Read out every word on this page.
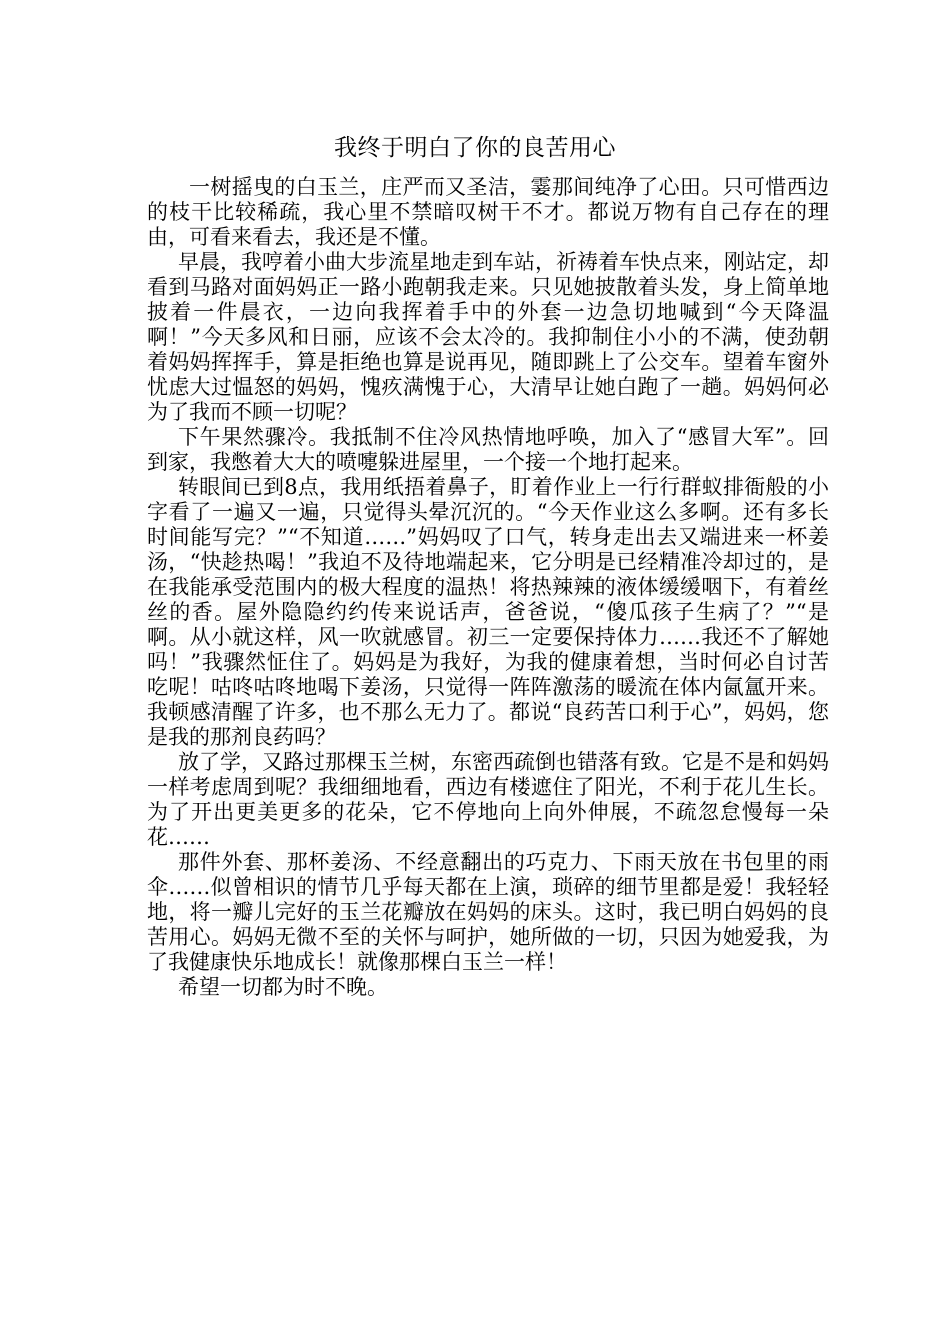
我终于明白了你的良苦用心

一树摇曳的白玉兰，庄严而又圣洁，霎那间纯净了心田。只可惜西边的枝干比较稀疏，我心里不禁暗叹树干不才。都说万物有自己存在的理由，可看来看去，我还是不懂。

早晨，我哼着小曲大步流星地走到车站，祈祷着车快点来，刚站定，却看到马路对面妈妈正一路小跑朝我走来。只见她披散着头发，身上简单地披着一件晨衣，一边向我挥着手中的外套一边急切地喊到“今天降温啊！”今天多风和日丽，应该不会太冷的。我抑制住小小的不满，使劲朝着妈妈挥挥手，算是拒绝也算是说再见，随即跳上了公交车。望着车窗外忧虑大过愠怒的妈妈，愧疚满愧于心，大清早让她白跑了一趟。妈妈何必为了我而不顾一切呢？

下午果然骤冷。我抵制不住冷风热情地呼唤，加入了“感冒大军”。回到家，我憋着大大的喷嚏躲进屋里，一个接一个地打起来。

转眼间已到8点，我用纸捂着鼻子，盯着作业上一行行群蚁排衙般的小字看了一遍又一遍，只觉得头晕沉沉的。“今天作业这么多啊。还有多长时间能写完？”“不知道……”妈妈叹了口气，转身走出去又端进来一杯姜汤，“快趁热喝！”我迫不及待地端起来，它分明是已经精准冷却过的，是在我能承受范围内的极大程度的温热！将热辣辣的液体缓缓咽下，有着丝丝的香。屋外隐隐约约传来说话声，爸爸说，“傻瓜孩子生病了？”“是啊。从小就这样，风一吹就感冒。初三一定要保持体力……我还不了解她吗！”我骤然怔住了。妈妈是为我好，为我的健康着想，当时何必自讨苦吃呢！咕咚咕咚地喝下姜汤，只觉得一阵阵激荡的暖流在体内氤氲开来。我顿感清醒了许多，也不那么无力了。都说“良药苦口利于心”，妈妈，您是我的那剂良药吗？

放了学，又路过那棵玉兰树，东密西疏倒也错落有致。它是不是和妈妈一样考虑周到呢？我细细地看，西边有楼遮住了阳光，不利于花儿生长。为了开出更美更多的花朵，它不停地向上向外伸展，不疏忽怠慢每一朵花……

那件外套、那杯姜汤、不经意翻出的巧克力、下雨天放在书包里的雨伞……似曾相识的情节几乎每天都在上演，琐碎的细节里都是爱！我轻轻地，将一瓣儿完好的玉兰花瓣放在妈妈的床头。这时，我已明白妈妈的良苦用心。妈妈无微不至的关怀与呵护，她所做的一切，只因为她爱我，为了我健康快乐地成长！就像那棵白玉兰一样！

希望一切都为时不晚。
